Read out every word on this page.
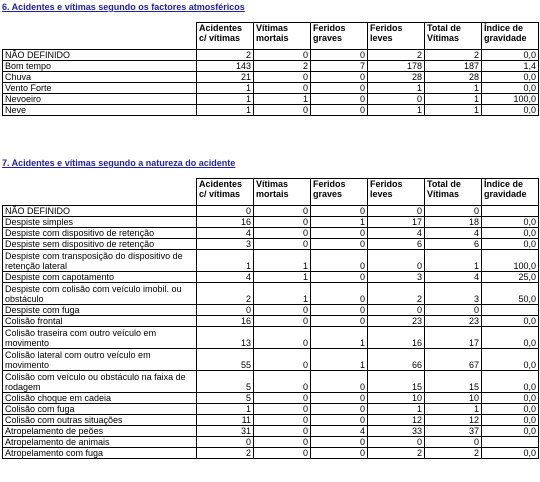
6. Acidentes e vítimas segundo os factores atmosféricos
	Acidentes c/ vítimas	Vítimas mortais	Feridos graves	Feridos leves	Total de Vítimas	Índice de gravidade
NÃO DEFINIDO	2	0	0	2	2	0,0
Bom tempo	143	2	7	178	187	1,4
Chuva	21	0	0	28	28	0,0
Vento Forte	1	0	0	1	1	0,0
Nevoeiro	1	1	0	0	1	100,0
Neve	1	0	0	1	1	0,0
7. Acidentes e vítimas segundo a natureza do acidente
	Acidentes c/ vítimas	Vítimas mortais	Feridos graves	Feridos leves	Total de Vítimas	Índice de gravidade
NÃO DEFINIDO	0	0	0	0	0	
Despiste simples	16	0	1	17	18	0,0
Despiste com dispositivo de retenção	4	0	0	4	4	0,0
Despiste sem dispositivo de retenção	3	0	0	6	6	0,0
Despiste com transposição do dispositivo de retenção lateral	1	1	0	0	1	100,0
Despiste com capotamento	4	1	0	3	4	25,0
Despiste com colisão com veículo imobil. ou obstáculo	2	1	0	2	3	50,0
Despiste com fuga	0	0	0	0	0	
Colisão frontal	16	0	0	23	23	0,0
Colisão traseira com outro veículo em movimento	13	0	1	16	17	0,0
Colisão lateral com outro veículo em movimento	55	0	1	66	67	0,0
Colisão com veículo ou obstáculo na faixa de rodagem	5	0	0	15	15	0,0
Colisão choque em cadeia	5	0	0	10	10	0,0
Colisão com fuga	1	0	0	1	1	0,0
Colisão com outras situações	11	0	0	12	12	0,0
Atropelamento de peões	31	0	4	33	37	0,0
Atropelamento de animais	0	0	0	0	0	
Atropelamento com fuga	2	0	0	2	2	0,0
